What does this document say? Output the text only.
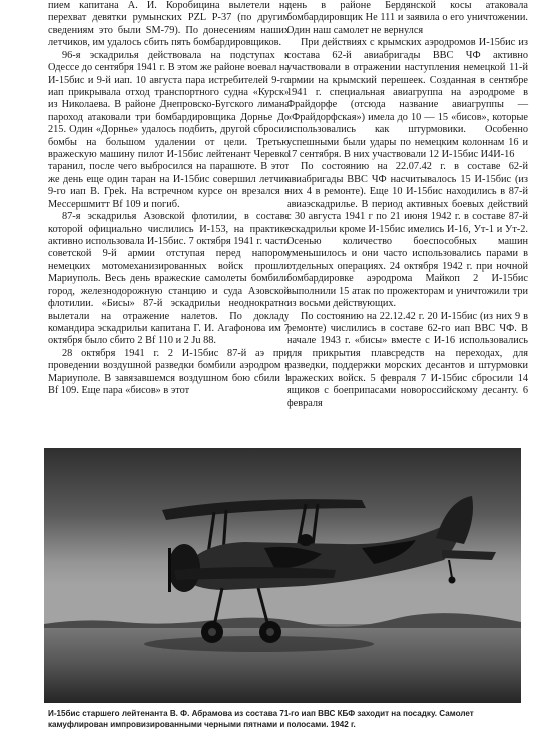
пием капитана А. И. Коробицина вылетели на перехват девятки румынских PZL P-37 (по другим сведениям это были SM-79). По донесениям наших летчиков, им удалось сбить пять бомбардировщиков.

96-я эскадрилья действовала на подступах к Одессе до сентября 1941 г. В этом же районе воевал на И-15бис и 9-й иап. 10 августа пара истребителей 9-го иап прикрывала отход транспортного судна «Курск» из Николаева. В районе Днепровско-Бугского лимана пароход атаковали три бомбардировщика Дорнье До 215. Один «Дорнье» удалось подбить, другой сбросил бомбы на большом удалении от цели. Третью вражескую машину пилот И-15бис лейтенант Черевко таранил, после чего выбросился на парашюте. В этот же день еще один таран на И-15бис совершил летчик 9-го иап В. Греk. На встречном курсе он врезался в Мессершмитт Bf 109 и погиб.

87-я эскадрилья Азовской флотилии, в составе которой официально числились И-153, на практике активно использовала И-15бис. 7 октября 1941 г. части советской 9-й армии отступая перед напором немецких мотомеханизированных войск прошли Мариуполь. Весь день вражеские самолеты бомбили город, железнодорожную станцию и суда Азовской флотилии. «Бисы» 87-й эскадрильи неоднократно вылетали на отражение налетов. По докладу командира эскадрильи капитана Г. И. Агафонова им 7 октября было сбито 2 Bf 110 и 2 Ju 88.

28 октября 1941 г. 2 И-15бис 87-й аэ при проведении воздушной разведки бомбили аэродром в Мариуполе. В завязавшемся воздушном бою сбили 1 Bf 109. Еще пара «бисов» в этот

день в районе Бердянской косы атаковала бомбардировщик He 111 и заявила о его уничтожении. Один наш самолет не вернулся

При действиях с крымских аэродромов И-15бис из состава 62-й авиабригады ВВС ЧФ активно участвовали в отражении наступления немецкой 11-й армии на крымский перешеек. Созданная в сентябре 1941 г. специальная авиагруппа на аэродроме в Фрайдорфе (отсюда название авиагруппы — «Фрайдорфская») имела до 10 — 15 «бисов», которые использовались как штурмовики. Особенно успешными были удары по немецким колоннам 16 и 17 сентября. В них участвовали 12 И-15бис И4И-16

По состоянию на 22.07.42 г. в составе 62-й авиабригады ВВС ЧФ насчитывалось 15 И-15бис (из них 4 в ремонте). Еще 10 И-15бис находились в 87-й авиаэскадрилье. В период активных боевых действий с 30 августа 1941 г по 21 июня 1942 г. в составе 87-й эскадрильи кроме И-15бис имелись И-16, Ут-1 и Ут-2. Осенью количество боеспособных машин уменьшилось и они часто использовались парами в отдельных операциях. 24 октября 1942 г. при ночной бомбардировке аэродрома Майкоп 2 И-15бис выполнили 15 атак по прожекторам и уничтожили три из восьми действующих.

По состоянию на 22.12.42 г. 20 И-15бис (из них 9 в ремонте) числились в составе 62-го иап ВВС ЧФ. В начале 1943 г. «бисы» вместе с И-16 использовались для прикрытия плавсредств на переходах, для разведки, поддержки морских десантов и штурмовки вражеских войск. 5 февраля 7 И-15бис сбросили 14 ящиков с боеприпасами новороссийскому десанту. 6 февраля

И-15бис старшего лейтенанта В. Ф. Абрамова из состава 71-го иап ВВС КБФ заходит на посадку. Самолет камуфлирован импровизированными черными пятнами и полосами. 1942 г.
